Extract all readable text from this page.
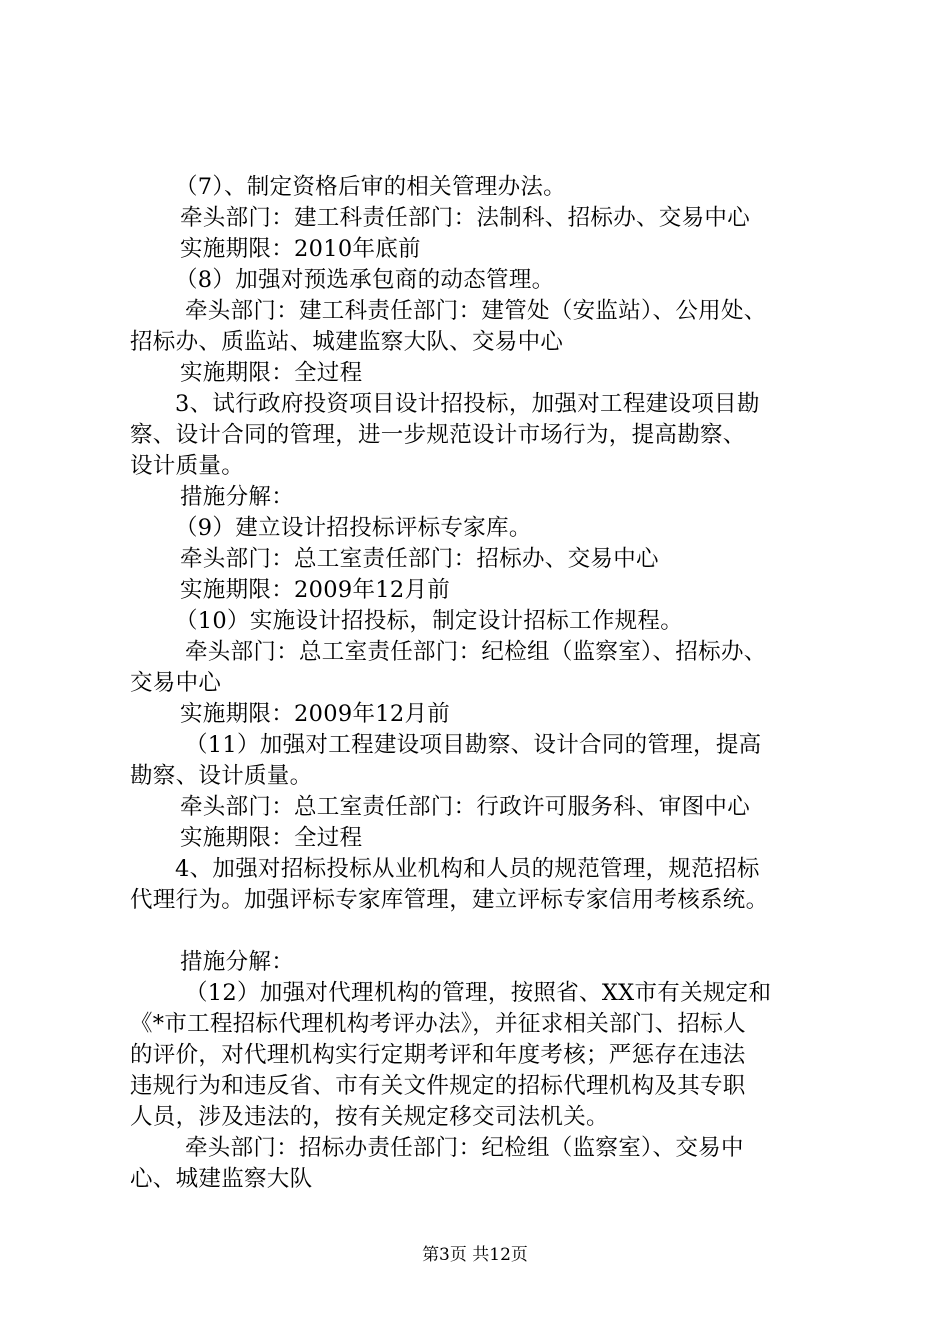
（7）、制定资格后审的相关管理办法。
牵头部门：建工科责任部门：法制科、招标办、交易中心
实施期限：2010年底前
（8）加强对预选承包商的动态管理。
牵头部门：建工科责任部门：建管处（安监站）、公用处、
招标办、质监站、城建监察大队、交易中心
实施期限：全过程
3、试行政府投资项目设计招投标，加强对工程建设项目勘
察、设计合同的管理，进一步规范设计市场行为，提高勘察、
设计质量。
措施分解：
（9）建立设计招投标评标专家库。
牵头部门：总工室责任部门：招标办、交易中心
实施期限：2009年12月前
（10）实施设计招投标，制定设计招标工作规程。
牵头部门：总工室责任部门：纪检组（监察室）、招标办、
交易中心
实施期限：2009年12月前
（11）加强对工程建设项目勘察、设计合同的管理，提高
勘察、设计质量。
牵头部门：总工室责任部门：行政许可服务科、审图中心
实施期限：全过程
4、加强对招标投标从业机构和人员的规范管理，规范招标
代理行为。加强评标专家库管理，建立评标专家信用考核系统。
措施分解：
（12）加强对代理机构的管理，按照省、XX市有关规定和
《*市工程招标代理机构考评办法》，并征求相关部门、招标人
的评价，对代理机构实行定期考评和年度考核；严惩存在违法
违规行为和违反省、市有关文件规定的招标代理机构及其专职
人员，涉及违法的，按有关规定移交司法机关。
牵头部门：招标办责任部门：纪检组（监察室）、交易中
心、城建监察大队
第3页 共12页
